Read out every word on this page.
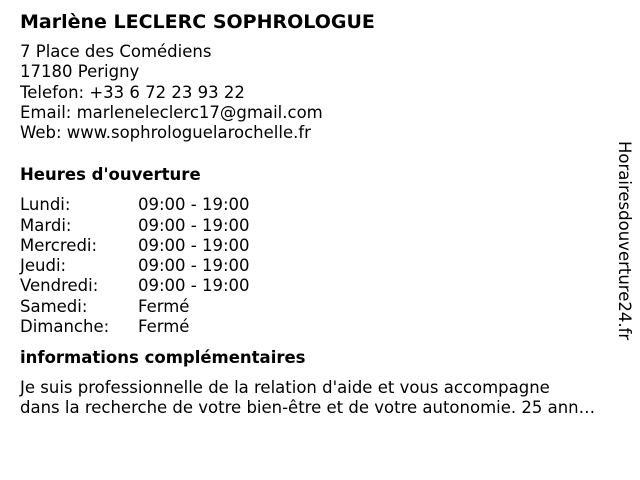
Marlène LECLERC SOPHROLOGUE
7 Place des Comédiens
17180 Perigny
Telefon: +33 6 72 23 93 22
Email: marleneleclerc17@gmail.com
Web: www.sophrologuelarochelle.fr
Heures d'ouverture
Lundi:	09:00 - 19:00
Mardi:	09:00 - 19:00
Mercredi:	09:00 - 19:00
Jeudi:	09:00 - 19:00
Vendredi:	09:00 - 19:00
Samedi:	Fermé
Dimanche:	Fermé
informations complémentaires
Je suis professionnelle de la relation d'aide et vous accompagne
dans la recherche de votre bien-être et de votre autonomie. 25 ann…
Horairesdouverture24.fr
